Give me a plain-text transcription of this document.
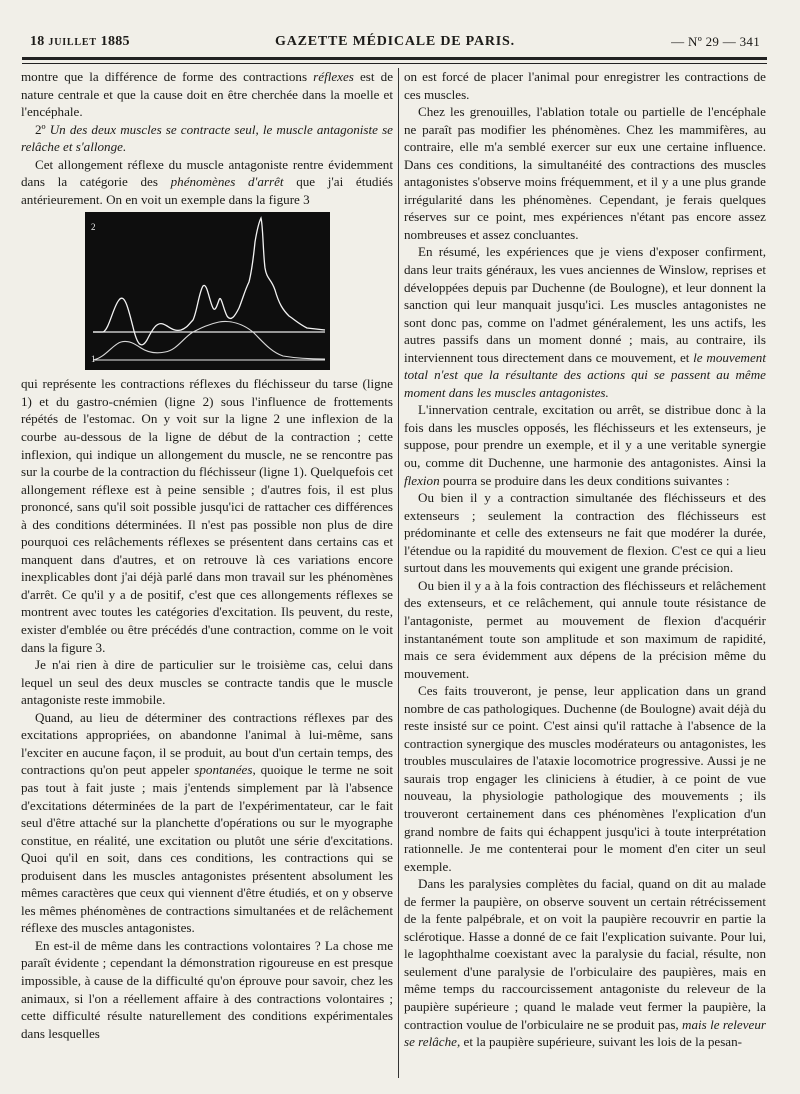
18 JUILLET 1885	GAZETTE MÉDICALE DE PARIS.	— Nº 29 — 341

montre que la différence de forme des contractions réflexes est de nature centrale et que la cause doit en être cherchée dans la moelle et l'encéphale.

2º Un des deux muscles se contracte seul, le muscle antagoniste se relâche et s'allonge.

Cet allongement réflexe du muscle antagoniste rentre évidemment dans la catégorie des phénomènes d'arrêt que j'ai étudiés antérieurement. On en voit un exemple dans la figure 3

2
1

qui représente les contractions réflexes du fléchisseur du tarse (ligne 1) et du gastro-cnémien (ligne 2) sous l'influence de frottements répétés de l'estomac. On y voit sur la ligne 2 une inflexion de la courbe au-dessous de la ligne de début de la contraction ; cette inflexion, qui indique un allongement du muscle, ne se rencontre pas sur la courbe de la contraction du fléchisseur (ligne 1). Quelquefois cet allongement réflexe est à peine sensible ; d'autres fois, il est plus prononcé, sans qu'il soit possible jusqu'ici de rattacher ces différences à des conditions déterminées. Il n'est pas possible non plus de dire pourquoi ces relâchements réflexes se présentent dans certains cas et manquent dans d'autres, et on retrouve là ces variations encore inexplicables dont j'ai déjà parlé dans mon travail sur les phénomènes d'arrêt. Ce qu'il y a de positif, c'est que ces allongements réflexes se montrent avec toutes les catégories d'excitation. Ils peuvent, du reste, exister d'emblée ou être précédés d'une contraction, comme on le voit dans la figure 3.

Je n'ai rien à dire de particulier sur le troisième cas, celui dans lequel un seul des deux muscles se contracte tandis que le muscle antagoniste reste immobile.

Quand, au lieu de déterminer des contractions réflexes par des excitations appropriées, on abandonne l'animal à lui-même, sans l'exciter en aucune façon, il se produit, au bout d'un certain temps, des contractions qu'on peut appeler spontanées, quoique le terme ne soit pas tout à fait juste ; mais j'entends simplement par là l'absence d'excitations déterminées de la part de l'expérimentateur, car le fait seul d'être attaché sur la planchette d'opérations ou sur le myographe constitue, en réalité, une excitation ou plutôt une série d'excitations. Quoi qu'il en soit, dans ces conditions, les contractions qui se produisent dans les muscles antagonistes présentent absolument les mêmes caractères que ceux qui viennent d'être étudiés, et on y observe les mêmes phénomènes de contractions simultanées et de relâchement réflexe des muscles antagonistes.

En est-il de même dans les contractions volontaires ? La chose me paraît évidente ; cependant la démonstration rigoureuse en est presque impossible, à cause de la difficulté qu'on éprouve pour savoir, chez les animaux, si l'on a réellement affaire à des contractions volontaires ; cette difficulté résulte naturellement des conditions expérimentales dans lesquelles

on est forcé de placer l'animal pour enregistrer les contractions de ces muscles.

Chez les grenouilles, l'ablation totale ou partielle de l'encéphale ne paraît pas modifier les phénomènes. Chez les mammifères, au contraire, elle m'a semblé exercer sur eux une certaine influence. Dans ces conditions, la simultanéité des contractions des muscles antagonistes s'observe moins fréquemment, et il y a une plus grande irrégularité dans les phénomènes. Cependant, je ferais quelques réserves sur ce point, mes expériences n'étant pas encore assez nombreuses et assez concluantes.

En résumé, les expériences que je viens d'exposer confirment, dans leur traits généraux, les vues anciennes de Winslow, reprises et développées depuis par Duchenne (de Boulogne), et leur donnent la sanction qui leur manquait jusqu'ici. Les muscles antagonistes ne sont donc pas, comme on l'admet généralement, les uns actifs, les autres passifs dans un moment donné ; mais, au contraire, ils interviennent tous directement dans ce mouvement, et le mouvement total n'est que la résultante des actions qui se passent au même moment dans les muscles antagonistes.

L'innervation centrale, excitation ou arrêt, se distribue donc à la fois dans les muscles opposés, les fléchisseurs et les extenseurs, je suppose, pour prendre un exemple, et il y a une veritable synergie ou, comme dit Duchenne, une harmonie des antagonistes. Ainsi la flexion pourra se produire dans les deux conditions suivantes :

Ou bien il y a contraction simultanée des fléchisseurs et des extenseurs ; seulement la contraction des fléchisseurs est prédominante et celle des extenseurs ne fait que modérer la durée, l'étendue ou la rapidité du mouvement de flexion. C'est ce qui a lieu surtout dans les mouvements qui exigent une grande précision.

Ou bien il y a à la fois contraction des fléchisseurs et relâchement des extenseurs, et ce relâchement, qui annule toute résistance de l'antagoniste, permet au mouvement de flexion d'acquérir instantanément toute son amplitude et son maximum de rapidité, mais ce sera évidemment aux dépens de la précision même du mouvement.

Ces faits trouveront, je pense, leur application dans un grand nombre de cas pathologiques. Duchenne (de Boulogne) avait déjà du reste insisté sur ce point. C'est ainsi qu'il rattache à l'absence de la contraction synergique des muscles modérateurs ou antagonistes, les troubles musculaires de l'ataxie locomotrice progressive. Aussi je ne saurais trop engager les cliniciens à étudier, à ce point de vue nouveau, la physiologie pathologique des mouvements ; ils trouveront certainement dans ces phénomènes l'explication d'un grand nombre de faits qui échappent jusqu'ici à toute interprétation rationnelle. Je me contenterai pour le moment d'en citer un seul exemple.

Dans les paralysies complètes du facial, quand on dit au malade de fermer la paupière, on observe souvent un certain rétrécissement de la fente palpébrale, et on voit la paupière recouvrir en partie la sclérotique. Hasse a donné de ce fait l'explication suivante. Pour lui, le lagophthalme coexistant avec la paralysie du facial, résulte, non seulement d'une paralysie de l'orbiculaire des paupières, mais en même temps du raccourcissement antagoniste du releveur de la paupière supérieure ; quand le malade veut fermer la paupière, la contraction voulue de l'orbiculaire ne se produit pas, mais le releveur se relâche, et la paupière supérieure, suivant les lois de la pesan-
